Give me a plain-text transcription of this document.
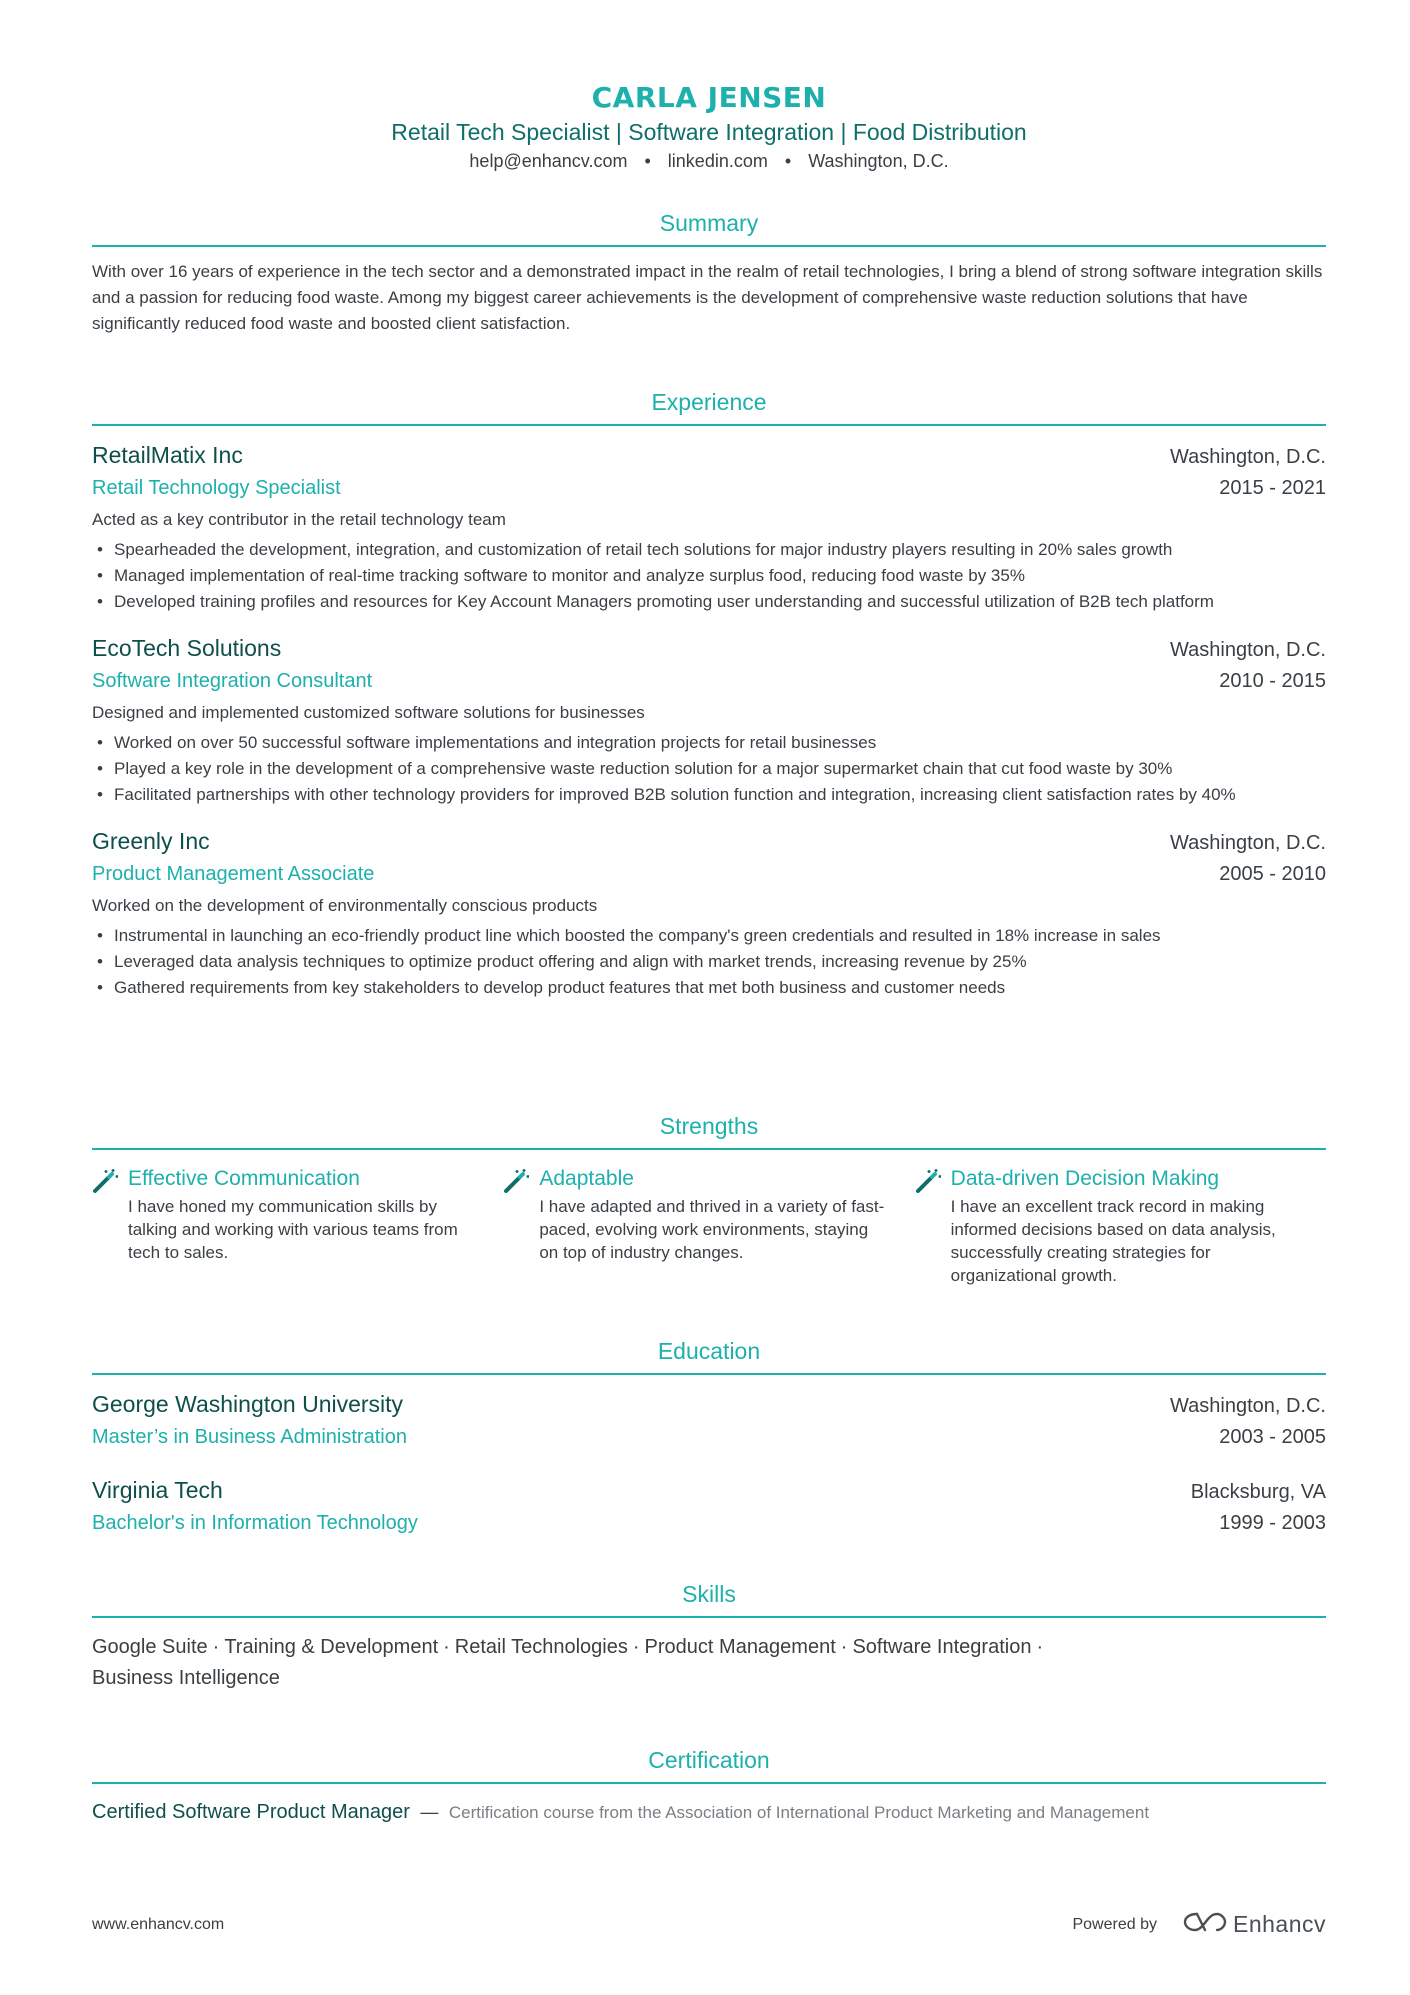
CARLA JENSEN
Retail Tech Specialist | Software Integration | Food Distribution
help@enhancv.com • linkedin.com • Washington, D.C.
Summary
With over 16 years of experience in the tech sector and a demonstrated impact in the realm of retail technologies, I bring a blend of strong software integration skills and a passion for reducing food waste. Among my biggest career achievements is the development of comprehensive waste reduction solutions that have significantly reduced food waste and boosted client satisfaction.
Experience
RetailMatix Inc	Washington, D.C.
Retail Technology Specialist	2015 - 2021
Acted as a key contributor in the retail technology team
• Spearheaded the development, integration, and customization of retail tech solutions for major industry players resulting in 20% sales growth
• Managed implementation of real-time tracking software to monitor and analyze surplus food, reducing food waste by 35%
• Developed training profiles and resources for Key Account Managers promoting user understanding and successful utilization of B2B tech platform
EcoTech Solutions	Washington, D.C.
Software Integration Consultant	2010 - 2015
Designed and implemented customized software solutions for businesses
• Worked on over 50 successful software implementations and integration projects for retail businesses
• Played a key role in the development of a comprehensive waste reduction solution for a major supermarket chain that cut food waste by 30%
• Facilitated partnerships with other technology providers for improved B2B solution function and integration, increasing client satisfaction rates by 40%
Greenly Inc	Washington, D.C.
Product Management Associate	2005 - 2010
Worked on the development of environmentally conscious products
• Instrumental in launching an eco-friendly product line which boosted the company's green credentials and resulted in 18% increase in sales
• Leveraged data analysis techniques to optimize product offering and align with market trends, increasing revenue by 25%
• Gathered requirements from key stakeholders to develop product features that met both business and customer needs
Strengths
Effective Communication
I have honed my communication skills by talking and working with various teams from tech to sales.
Adaptable
I have adapted and thrived in a variety of fast-paced, evolving work environments, staying on top of industry changes.
Data-driven Decision Making
I have an excellent track record in making informed decisions based on data analysis, successfully creating strategies for organizational growth.
Education
George Washington University	Washington, D.C.
Master’s in Business Administration	2003 - 2005
Virginia Tech	Blacksburg, VA
Bachelor's in Information Technology	1999 - 2003
Skills
Google Suite · Training & Development · Retail Technologies · Product Management · Software Integration ·
Business Intelligence
Certification
Certified Software Product Manager — Certification course from the Association of International Product Marketing and Management
www.enhancv.com	Powered by	Enhancv
